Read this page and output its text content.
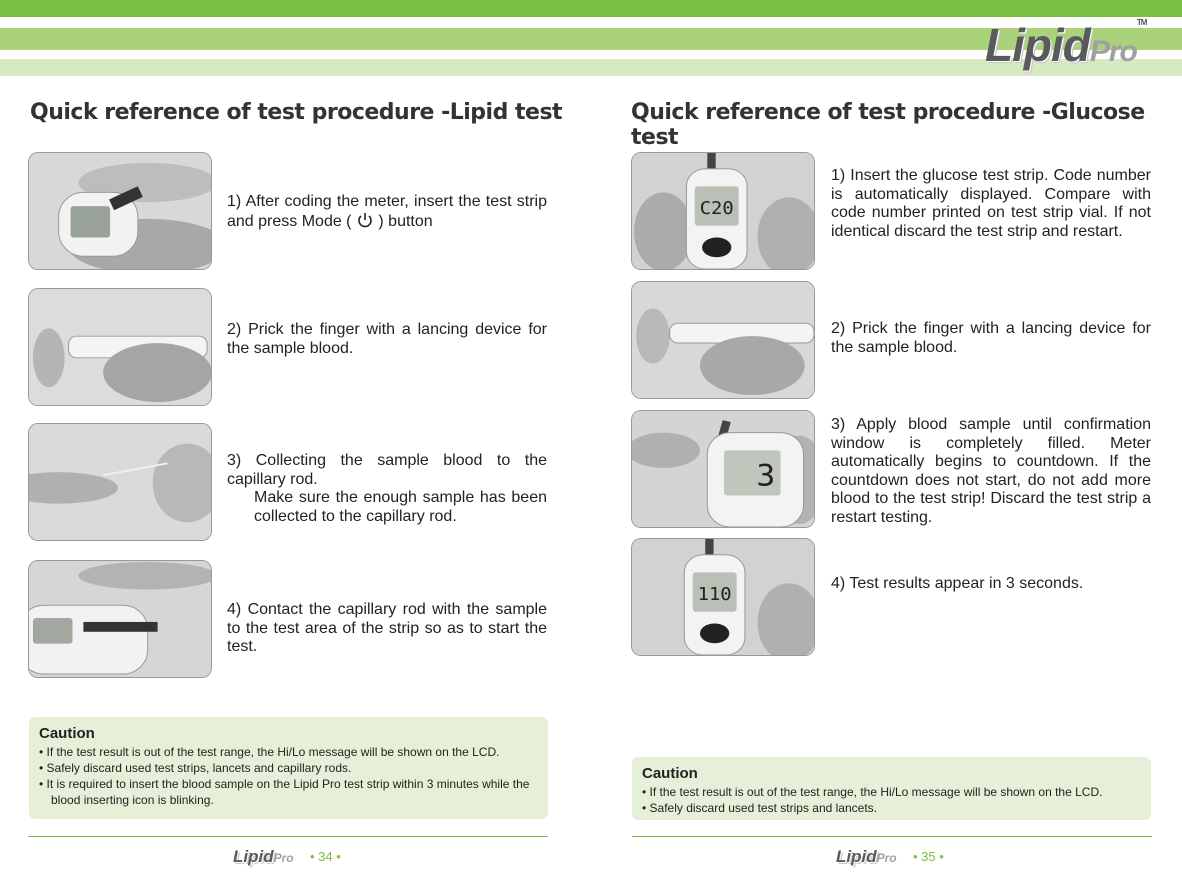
LipidPro™
Quick reference of test procedure -Lipid test
1) After coding the meter, insert the test strip and press Mode (  ) button
2) Prick the finger with a lancing device for the sample blood.
3) Collecting the sample blood to the capillary rod.
Make sure the enough sample has been collected to the capillary rod.
4) Contact the capillary rod with the sample to the test area of the strip so as to start the test.
Caution
• If the test result is out of the test range, the Hi/Lo message will be shown on the LCD.
• Safely discard used test strips, lancets and capillary rods.
• It is required to insert the blood sample on the Lipid Pro test strip within 3 minutes while the blood inserting icon is blinking.
LipidPro • 34 •
Quick reference of test procedure -Glucose test
C20
1) Insert the glucose test strip. Code number is automatically displayed. Compare with code number printed on test strip vial. If not identical discard the test strip and restart.
2) Prick the finger with a lancing device for the sample blood.
3
3) Apply blood sample until confirmation window is completely filled. Meter automatically begins to countdown. If the countdown does not start, do not add more blood to the test strip! Discard the test strip a restart testing.
110
4) Test results appear in 3 seconds.
Caution
• If the test result is out of the test range, the Hi/Lo message will be shown on the LCD.
• Safely discard used test strips and lancets.
LipidPro • 35 •
